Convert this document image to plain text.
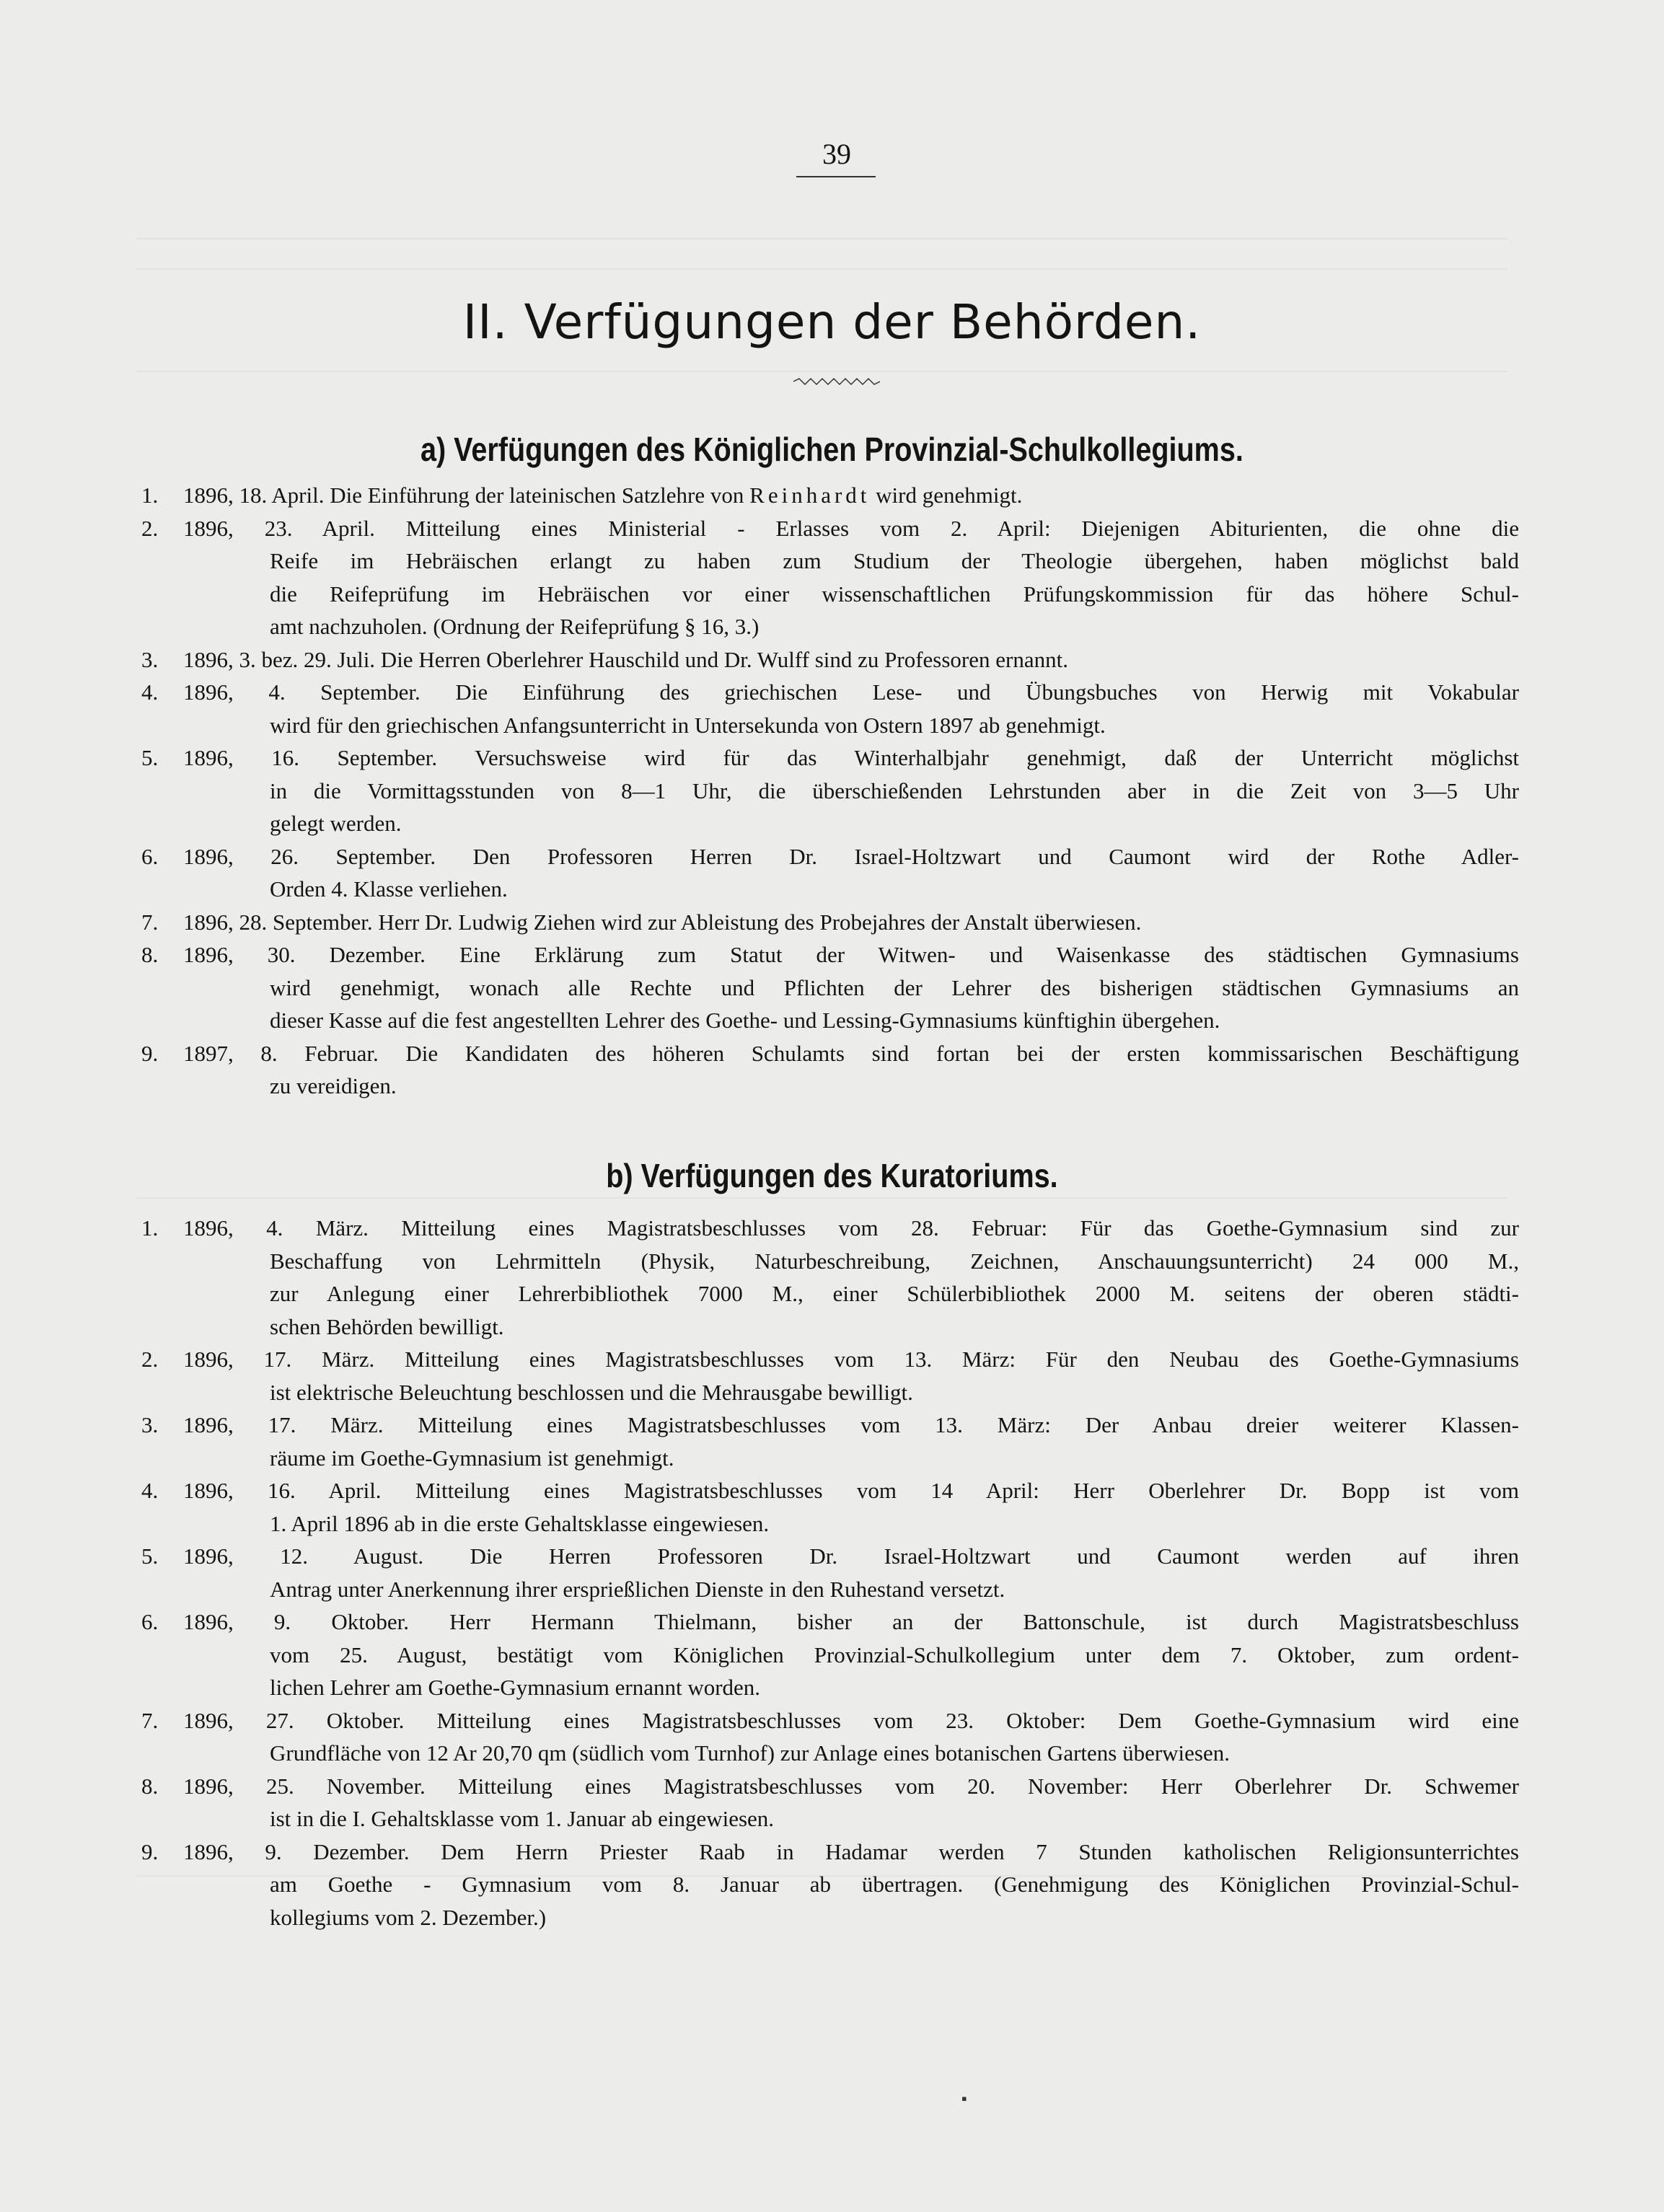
39
II. Verfügungen der Behörden.
a) Verfügungen des Königlichen Provinzial-Schulkollegiums.
1. 1896, 18. April. Die Einführung der lateinischen Satzlehre von Reinhardt wird genehmigt.
2. 1896, 23. April. Mitteilung eines Ministerial - Erlasses vom 2. April: Diejenigen Abiturienten, die ohne die
Reife im Hebräischen erlangt zu haben zum Studium der Theologie übergehen, haben möglichst bald
die Reifeprüfung im Hebräischen vor einer wissenschaftlichen Prüfungskommission für das höhere Schul-
amt nachzuholen. (Ordnung der Reifeprüfung § 16, 3.)
3. 1896, 3. bez. 29. Juli. Die Herren Oberlehrer Hauschild und Dr. Wulff sind zu Professoren ernannt.
4. 1896, 4. September. Die Einführung des griechischen Lese- und Übungsbuches von Herwig mit Vokabular
wird für den griechischen Anfangsunterricht in Untersekunda von Ostern 1897 ab genehmigt.
5. 1896, 16. September. Versuchsweise wird für das Winterhalbjahr genehmigt, daß der Unterricht möglichst
in die Vormittagsstunden von 8—1 Uhr, die überschießenden Lehrstunden aber in die Zeit von 3—5 Uhr
gelegt werden.
6. 1896, 26. September. Den Professoren Herren Dr. Israel-Holtzwart und Caumont wird der Rothe Adler-
Orden 4. Klasse verliehen.
7. 1896, 28. September. Herr Dr. Ludwig Ziehen wird zur Ableistung des Probejahres der Anstalt überwiesen.
8. 1896, 30. Dezember. Eine Erklärung zum Statut der Witwen- und Waisenkasse des städtischen Gymnasiums
wird genehmigt, wonach alle Rechte und Pflichten der Lehrer des bisherigen städtischen Gymnasiums an
dieser Kasse auf die fest angestellten Lehrer des Goethe- und Lessing-Gymnasiums künftighin übergehen.
9. 1897, 8. Februar. Die Kandidaten des höheren Schulamts sind fortan bei der ersten kommissarischen Beschäftigung
zu vereidigen.
b) Verfügungen des Kuratoriums.
1. 1896, 4. März. Mitteilung eines Magistratsbeschlusses vom 28. Februar: Für das Goethe-Gymnasium sind zur
Beschaffung von Lehrmitteln (Physik, Naturbeschreibung, Zeichnen, Anschauungsunterricht) 24 000 M.,
zur Anlegung einer Lehrerbibliothek 7000 M., einer Schülerbibliothek 2000 M. seitens der oberen städti-
schen Behörden bewilligt.
2. 1896, 17. März. Mitteilung eines Magistratsbeschlusses vom 13. März: Für den Neubau des Goethe-Gymnasiums
ist elektrische Beleuchtung beschlossen und die Mehrausgabe bewilligt.
3. 1896, 17. März. Mitteilung eines Magistratsbeschlusses vom 13. März: Der Anbau dreier weiterer Klassen-
räume im Goethe-Gymnasium ist genehmigt.
4. 1896, 16. April. Mitteilung eines Magistratsbeschlusses vom 14 April: Herr Oberlehrer Dr. Bopp ist vom
1. April 1896 ab in die erste Gehaltsklasse eingewiesen.
5. 1896, 12. August. Die Herren Professoren Dr. Israel-Holtzwart und Caumont werden auf ihren
Antrag unter Anerkennung ihrer ersprießlichen Dienste in den Ruhestand versetzt.
6. 1896, 9. Oktober. Herr Hermann Thielmann, bisher an der Battonschule, ist durch Magistratsbeschluss
vom 25. August, bestätigt vom Königlichen Provinzial-Schulkollegium unter dem 7. Oktober, zum ordent-
lichen Lehrer am Goethe-Gymnasium ernannt worden.
7. 1896, 27. Oktober. Mitteilung eines Magistratsbeschlusses vom 23. Oktober: Dem Goethe-Gymnasium wird eine
Grundfläche von 12 Ar 20,70 qm (südlich vom Turnhof) zur Anlage eines botanischen Gartens überwiesen.
8. 1896, 25. November. Mitteilung eines Magistratsbeschlusses vom 20. November: Herr Oberlehrer Dr. Schwemer
ist in die I. Gehaltsklasse vom 1. Januar ab eingewiesen.
9. 1896, 9. Dezember. Dem Herrn Priester Raab in Hadamar werden 7 Stunden katholischen Religionsunterrichtes
am Goethe - Gymnasium vom 8. Januar ab übertragen. (Genehmigung des Königlichen Provinzial-Schul-
kollegiums vom 2. Dezember.)
▪
